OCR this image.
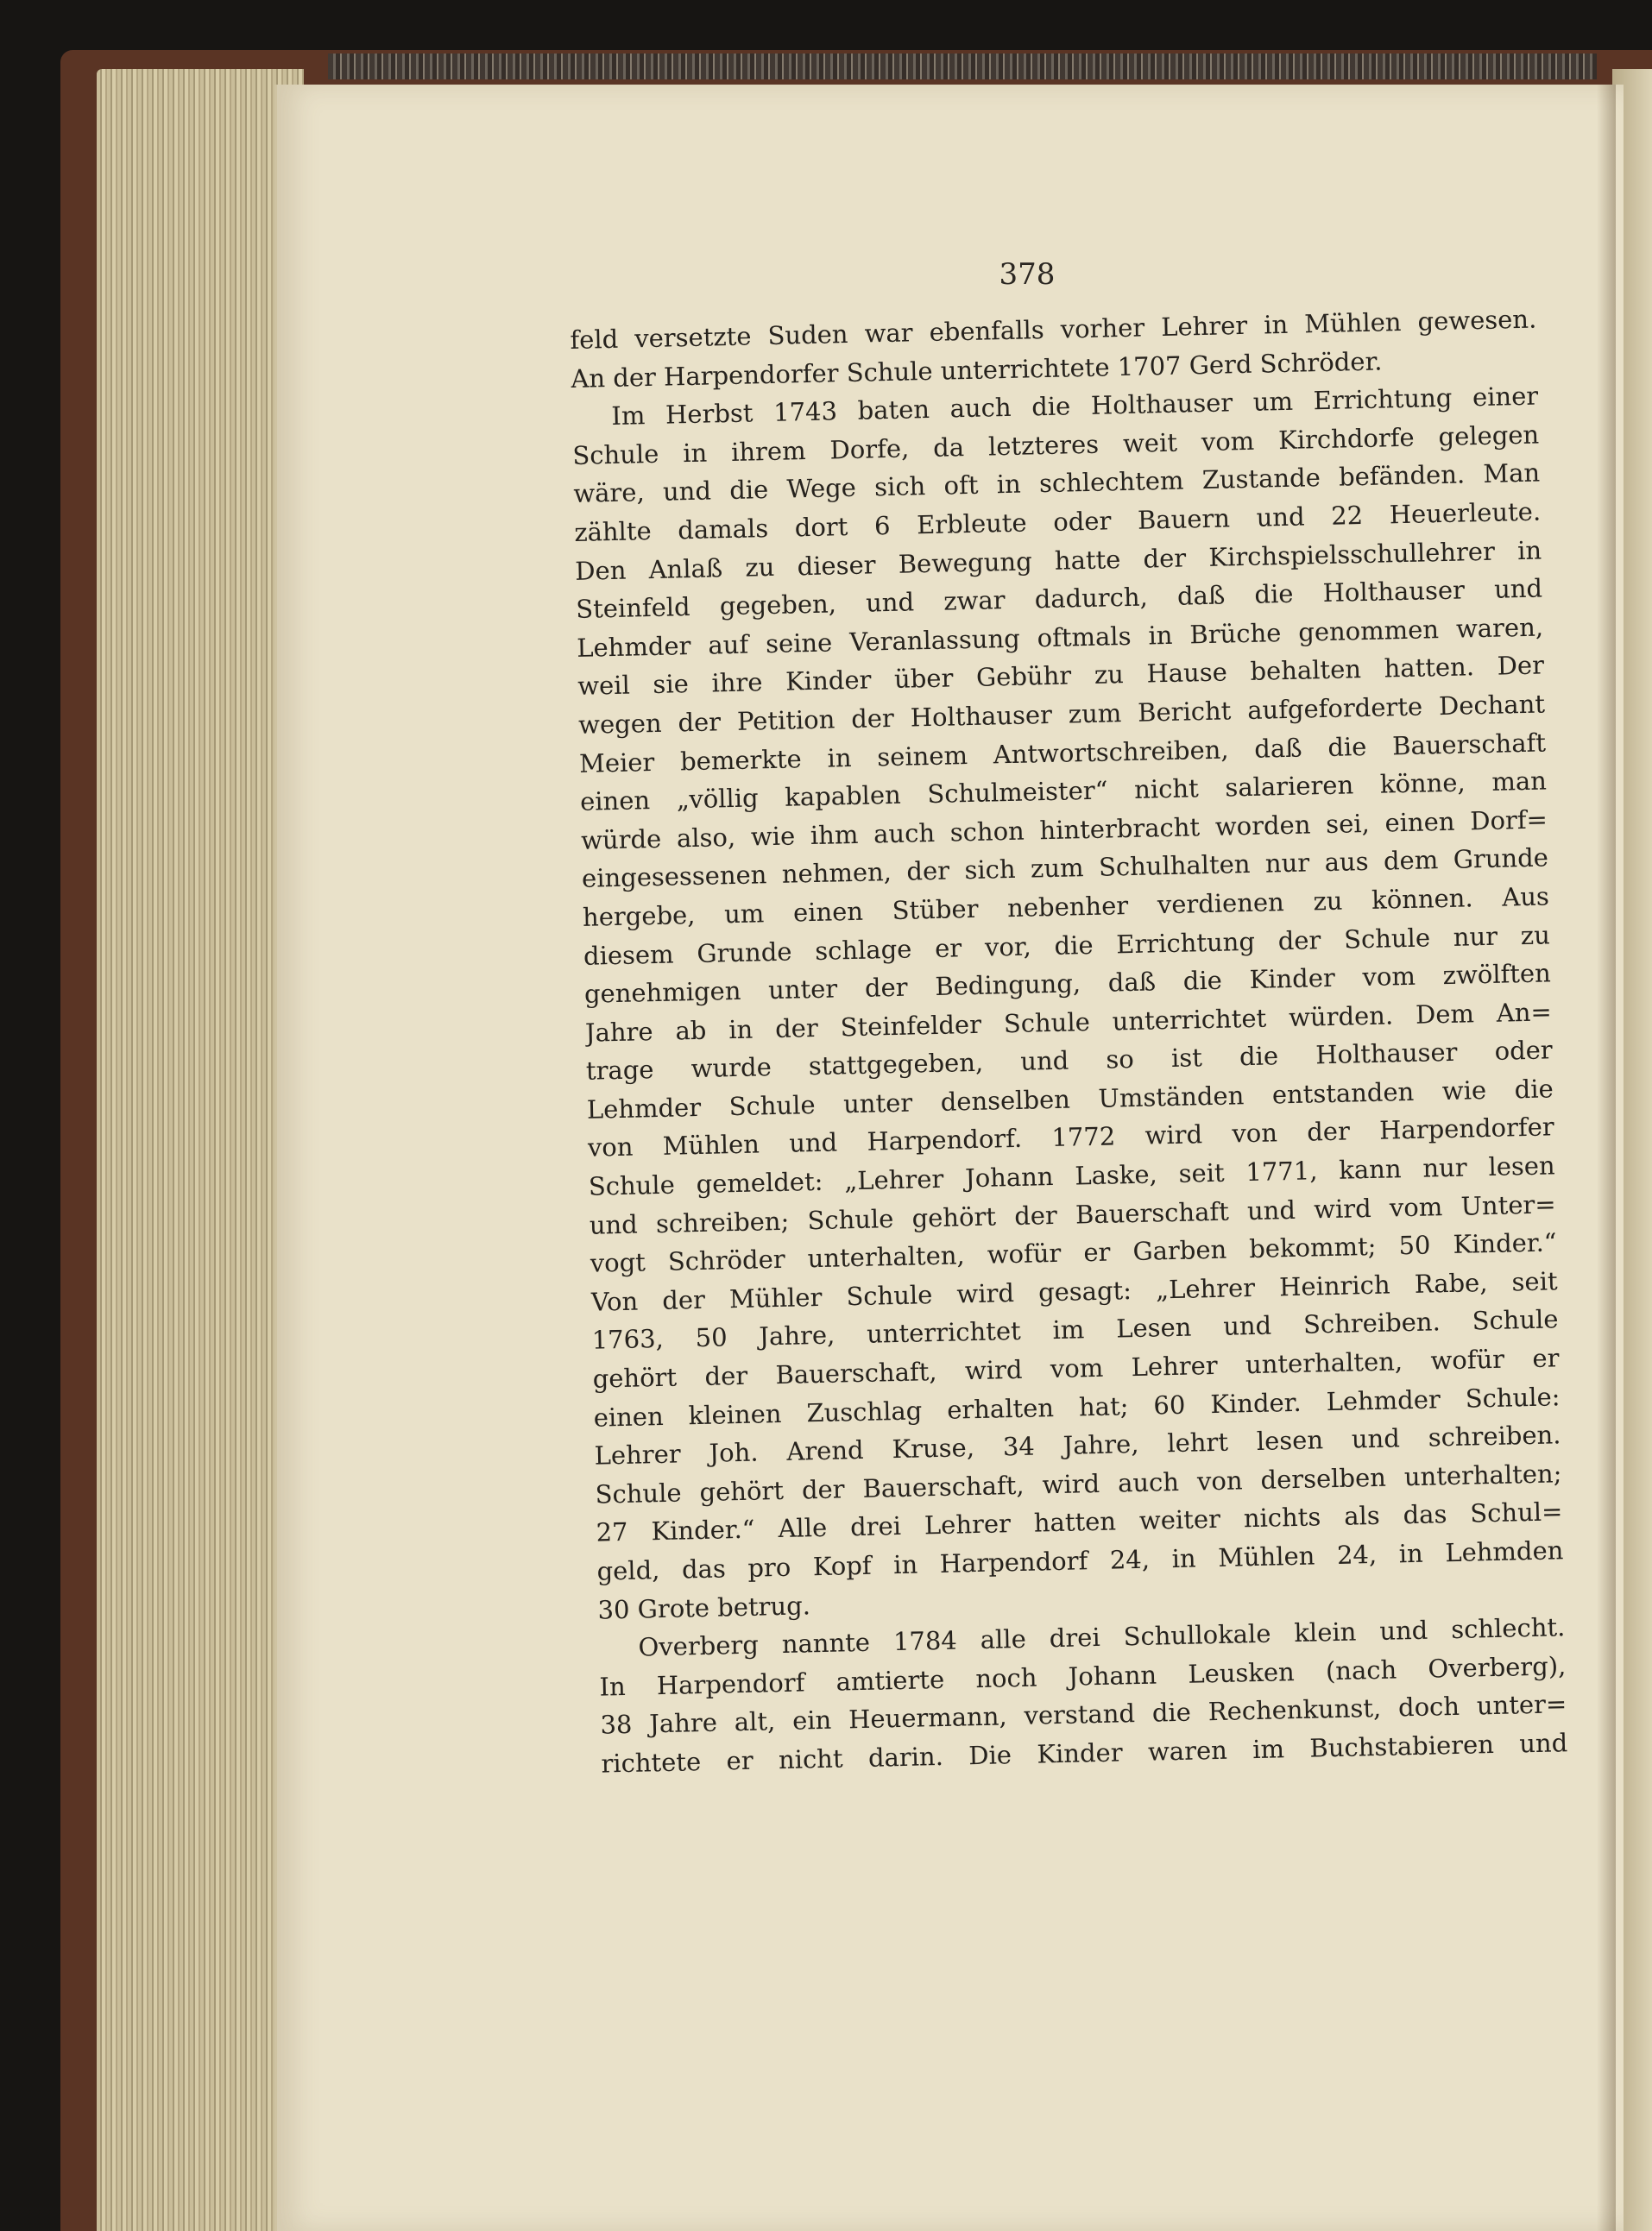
378
feld versetzte Suden war ebenfalls vorher Lehrer in Mühlen gewesen.
An der Harpendorfer Schule unterrichtete 1707 Gerd Schröder.
Im Herbst 1743 baten auch die Holthauser um Errichtung einer
Schule in ihrem Dorfe, da letzteres weit vom Kirchdorfe gelegen
wäre, und die Wege sich oft in schlechtem Zustande befänden. Man
zählte damals dort 6 Erbleute oder Bauern und 22 Heuerleute.
Den Anlaß zu dieser Bewegung hatte der Kirchspielsschullehrer in
Steinfeld gegeben, und zwar dadurch, daß die Holthauser und
Lehmder auf seine Veranlassung oftmals in Brüche genommen waren,
weil sie ihre Kinder über Gebühr zu Hause behalten hatten. Der
wegen der Petition der Holthauser zum Bericht aufgeforderte Dechant
Meier bemerkte in seinem Antwortschreiben, daß die Bauerschaft
einen „völlig kapablen Schulmeister“ nicht salarieren könne, man
würde also, wie ihm auch schon hinterbracht worden sei, einen Dorf=
eingesessenen nehmen, der sich zum Schulhalten nur aus dem Grunde
hergebe, um einen Stüber nebenher verdienen zu können. Aus
diesem Grunde schlage er vor, die Errichtung der Schule nur zu
genehmigen unter der Bedingung, daß die Kinder vom zwölften
Jahre ab in der Steinfelder Schule unterrichtet würden. Dem An=
trage wurde stattgegeben, und so ist die Holthauser oder
Lehmder Schule unter denselben Umständen entstanden wie die
von Mühlen und Harpendorf. 1772 wird von der Harpendorfer
Schule gemeldet: „Lehrer Johann Laske, seit 1771, kann nur lesen
und schreiben; Schule gehört der Bauerschaft und wird vom Unter=
vogt Schröder unterhalten, wofür er Garben bekommt; 50 Kinder.“
Von der Mühler Schule wird gesagt: „Lehrer Heinrich Rabe, seit
1763, 50 Jahre, unterrichtet im Lesen und Schreiben. Schule
gehört der Bauerschaft, wird vom Lehrer unterhalten, wofür er
einen kleinen Zuschlag erhalten hat; 60 Kinder. Lehmder Schule:
Lehrer Joh. Arend Kruse, 34 Jahre, lehrt lesen und schreiben.
Schule gehört der Bauerschaft, wird auch von derselben unterhalten;
27 Kinder.“ Alle drei Lehrer hatten weiter nichts als das Schul=
geld, das pro Kopf in Harpendorf 24, in Mühlen 24, in Lehmden
30 Grote betrug.
Overberg nannte 1784 alle drei Schullokale klein und schlecht.
In Harpendorf amtierte noch Johann Leusken (nach Overberg),
38 Jahre alt, ein Heuermann, verstand die Rechenkunst, doch unter=
richtete er nicht darin. Die Kinder waren im Buchstabieren und
